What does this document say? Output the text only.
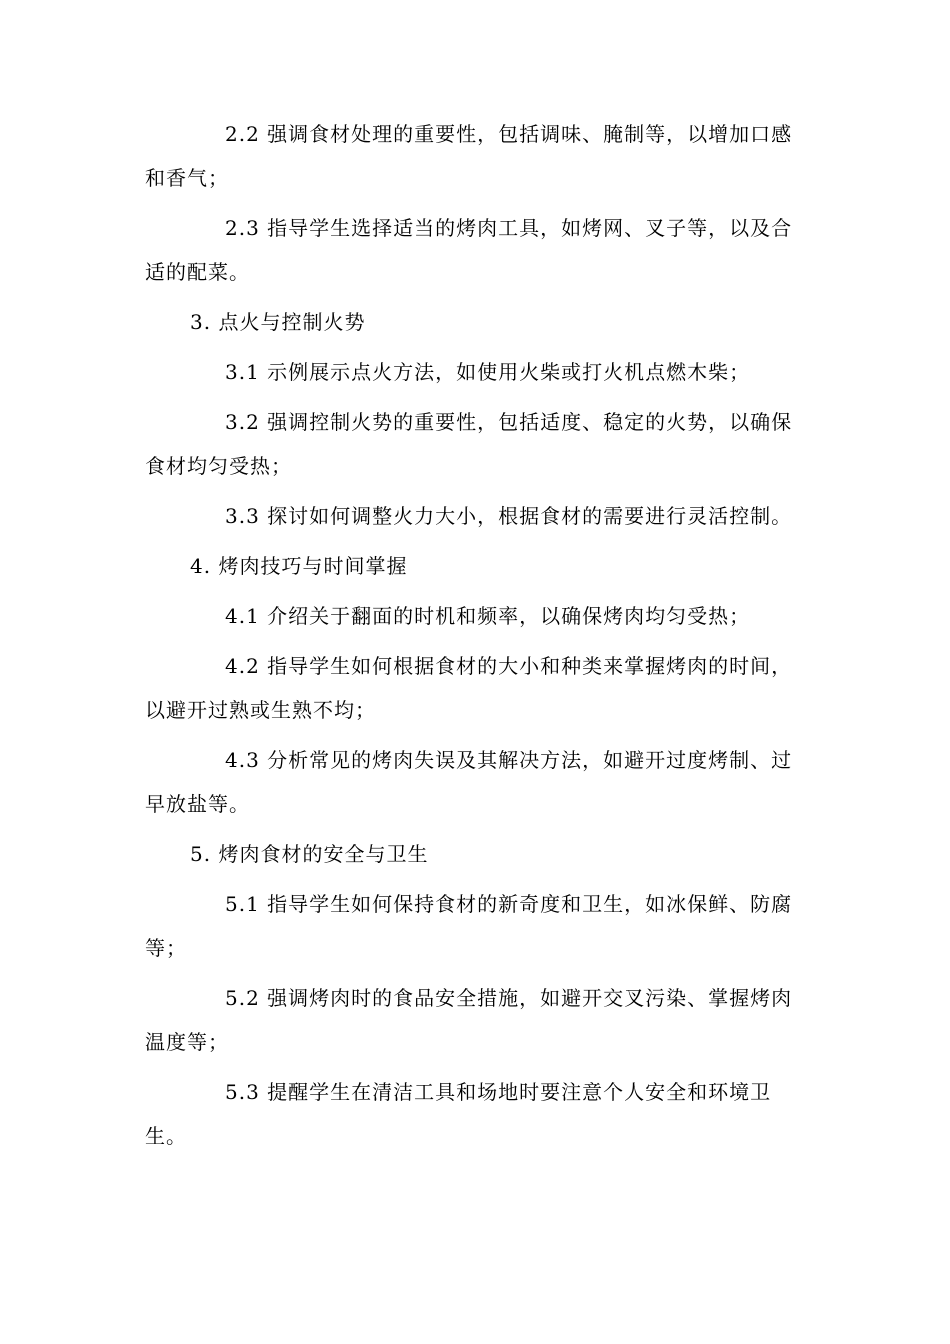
2.2 强调食材处理的重要性，包括调味、腌制等，以增加口感和香气；

2.3 指导学生选择适当的烤肉工具，如烤网、叉子等，以及合适的配菜。

3. 点火与控制火势

3.1 示例展示点火方法，如使用火柴或打火机点燃木柴；

3.2 强调控制火势的重要性，包括适度、稳定的火势，以确保食材均匀受热；

3.3 探讨如何调整火力大小，根据食材的需要进行灵活控制。

4. 烤肉技巧与时间掌握

4.1 介绍关于翻面的时机和频率，以确保烤肉均匀受热；

4.2 指导学生如何根据食材的大小和种类来掌握烤肉的时间，以避开过熟或生熟不均；

4.3 分析常见的烤肉失误及其解决方法，如避开过度烤制、过早放盐等。

5. 烤肉食材的安全与卫生

5.1 指导学生如何保持食材的新奇度和卫生，如冰保鲜、防腐等；

5.2 强调烤肉时的食品安全措施，如避开交叉污染、掌握烤肉温度等；

5.3 提醒学生在清洁工具和场地时要注意个人安全和环境卫生。
